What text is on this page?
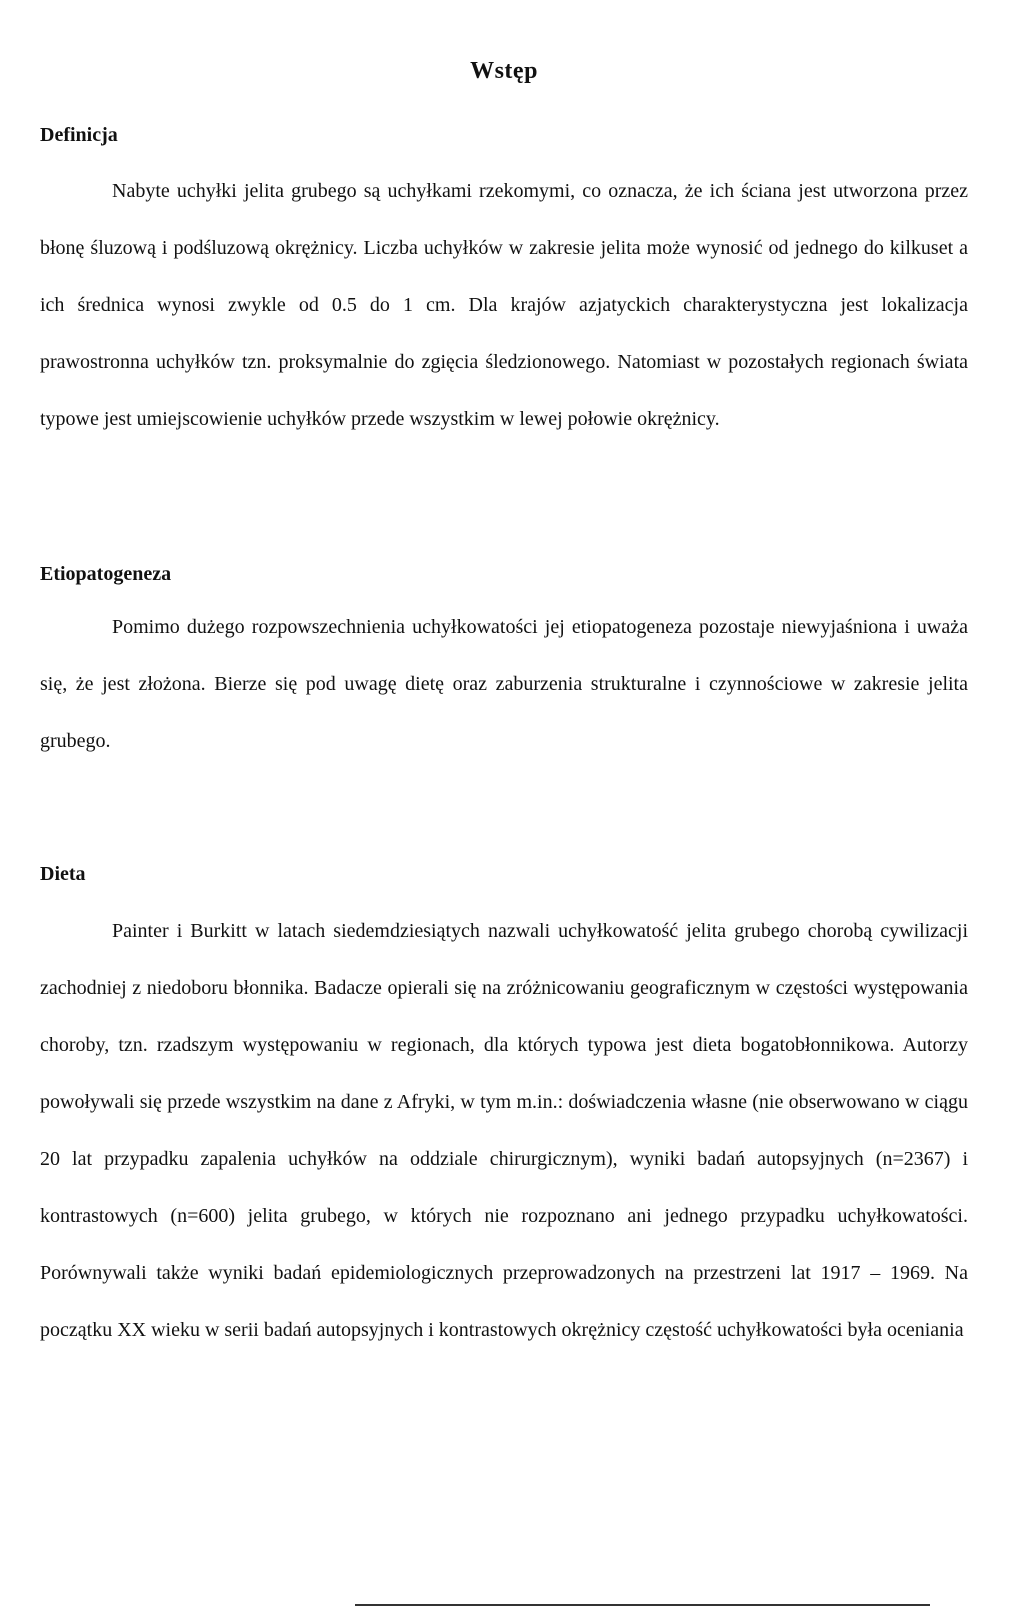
Wstęp
Definicja

Nabyte uchyłki jelita grubego są uchyłkami rzekomymi, co oznacza, że ich ściana jest utworzona przez błonę śluzową i podśluzową okrężnicy. Liczba uchyłków w zakresie jelita może wynosić od jednego do kilkuset a ich średnica wynosi zwykle od 0.5 do 1 cm. Dla krajów azjatyckich charakterystyczna jest lokalizacja prawostronna uchyłków tzn. proksymalnie do zgięcia śledzionowego. Natomiast w pozostałych regionach świata typowe jest umiejscowienie uchyłków przede wszystkim w lewej połowie okrężnicy.

Etiopatogeneza

Pomimo dużego rozpowszechnienia uchyłkowatości jej etiopatogeneza pozostaje niewyjaśniona i uważa się, że jest złożona. Bierze się pod uwagę dietę oraz zaburzenia strukturalne i czynnościowe w zakresie jelita grubego.

Dieta

Painter i Burkitt w latach siedemdziesiątych nazwali uchyłkowatość jelita grubego chorobą cywilizacji zachodniej z niedoboru błonnika. Badacze opierali się na zróżnicowaniu geograficznym w częstości występowania choroby, tzn. rzadszym występowaniu w regionach, dla których typowa jest dieta bogatobłonnikowa. Autorzy powoływali się przede wszystkim na dane z Afryki, w tym m.in.: doświadczenia własne (nie obserwowano w ciągu 20 lat przypadku zapalenia uchyłków na oddziale chirurgicznym), wyniki badań autopsyjnych (n=2367) i kontrastowych (n=600) jelita grubego, w których nie rozpoznano ani jednego przypadku uchyłkowatości. Porównywali także wyniki badań epidemiologicznych przeprowadzonych na przestrzeni lat 1917 – 1969. Na początku XX wieku w serii badań autopsyjnych i kontrastowych okrężnicy częstość uchyłkowatości była oceniania
